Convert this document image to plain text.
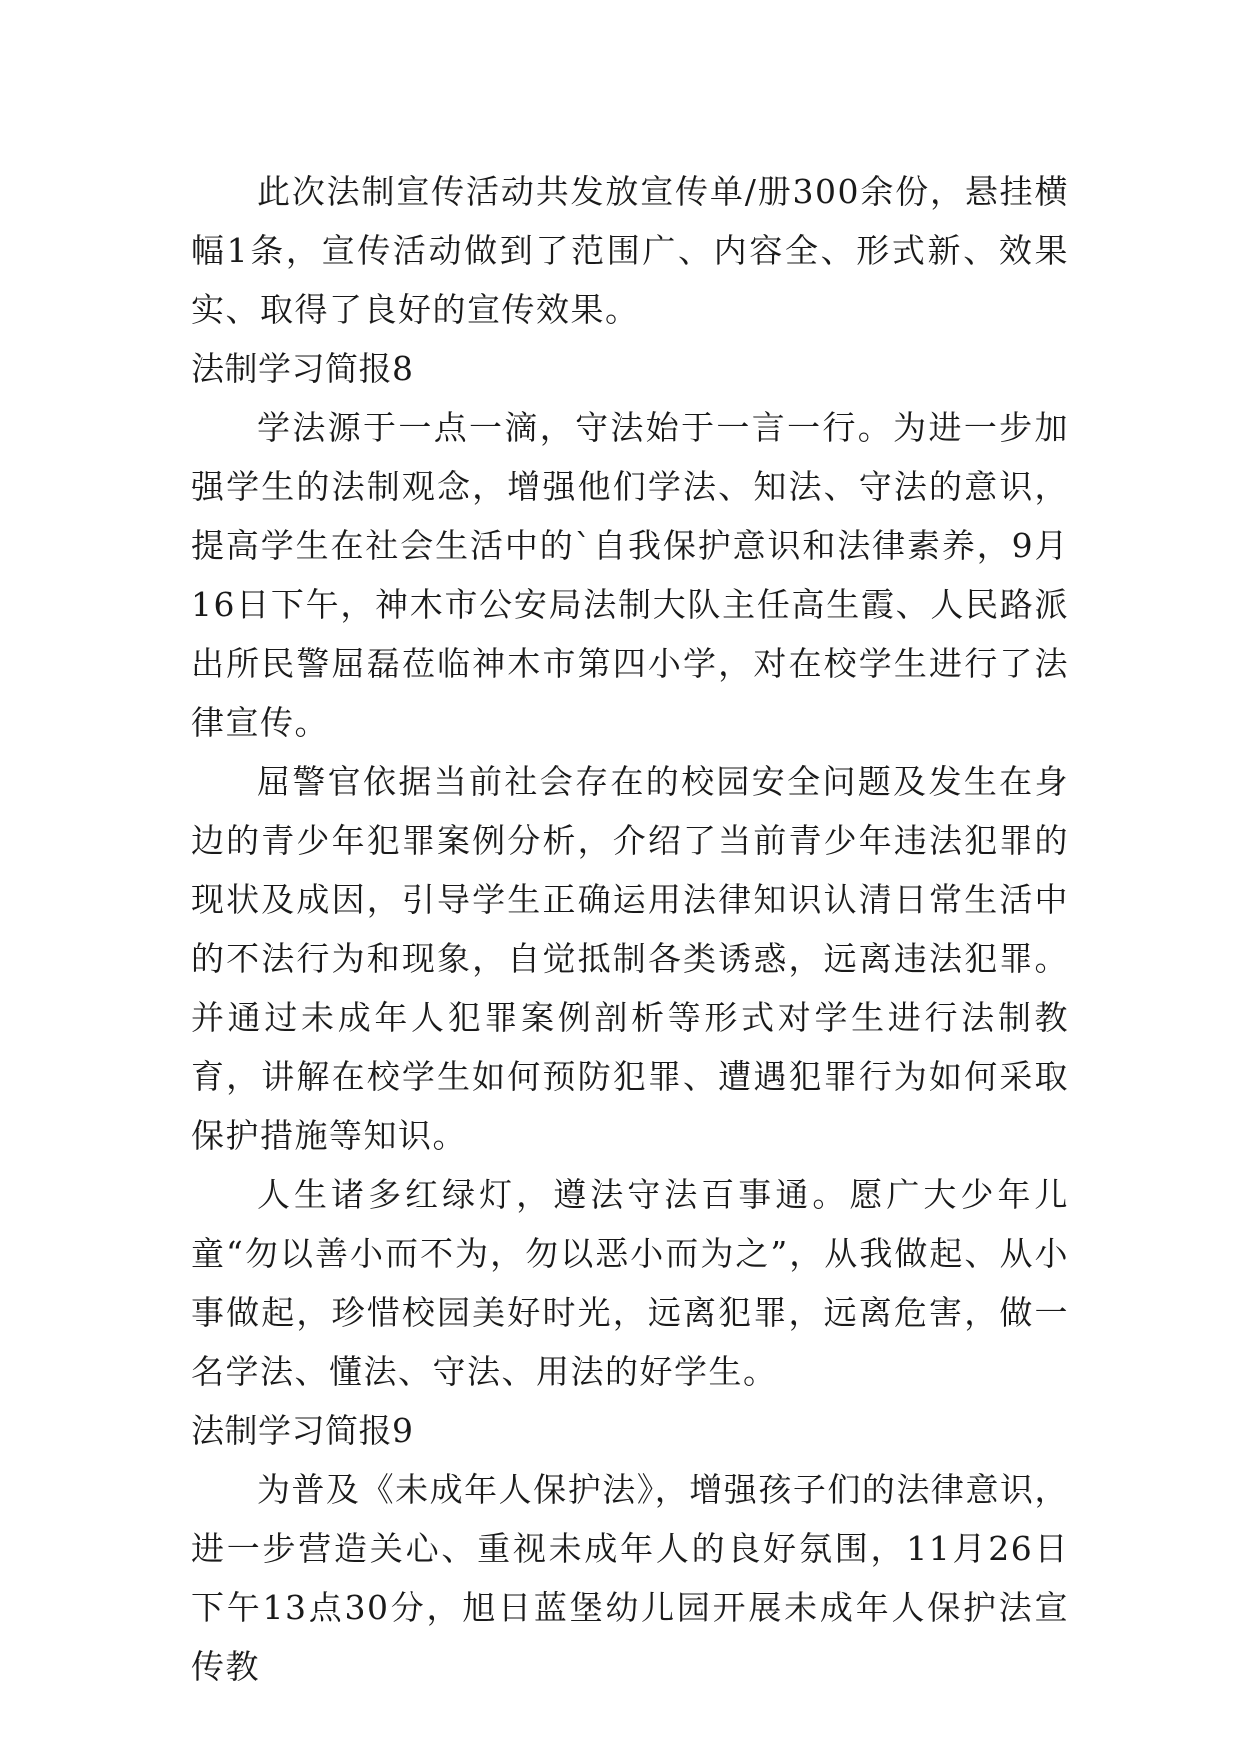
此次法制宣传活动共发放宣传单/册300余份，悬挂横幅1条，宣传活动做到了范围广、内容全、形式新、效果实、取得了良好的宣传效果。

法制学习简报8

学法源于一点一滴，守法始于一言一行。为进一步加强学生的法制观念，增强他们学法、知法、守法的意识，提高学生在社会生活中的`自我保护意识和法律素养，9月16日下午，神木市公安局法制大队主任高生霞、人民路派出所民警屈磊莅临神木市第四小学，对在校学生进行了法律宣传。

屈警官依据当前社会存在的校园安全问题及发生在身边的青少年犯罪案例分析，介绍了当前青少年违法犯罪的现状及成因，引导学生正确运用法律知识认清日常生活中的不法行为和现象，自觉抵制各类诱惑，远离违法犯罪。并通过未成年人犯罪案例剖析等形式对学生进行法制教育，讲解在校学生如何预防犯罪、遭遇犯罪行为如何采取保护措施等知识。

人生诸多红绿灯，遵法守法百事通。愿广大少年儿童“勿以善小而不为，勿以恶小而为之”，从我做起、从小事做起，珍惜校园美好时光，远离犯罪，远离危害，做一名学法、懂法、守法、用法的好学生。

法制学习简报9

为普及《未成年人保护法》，增强孩子们的法律意识，进一步营造关心、重视未成年人的良好氛围，11月26日下午13点30分，旭日蓝堡幼儿园开展未成年人保护法宣传教
